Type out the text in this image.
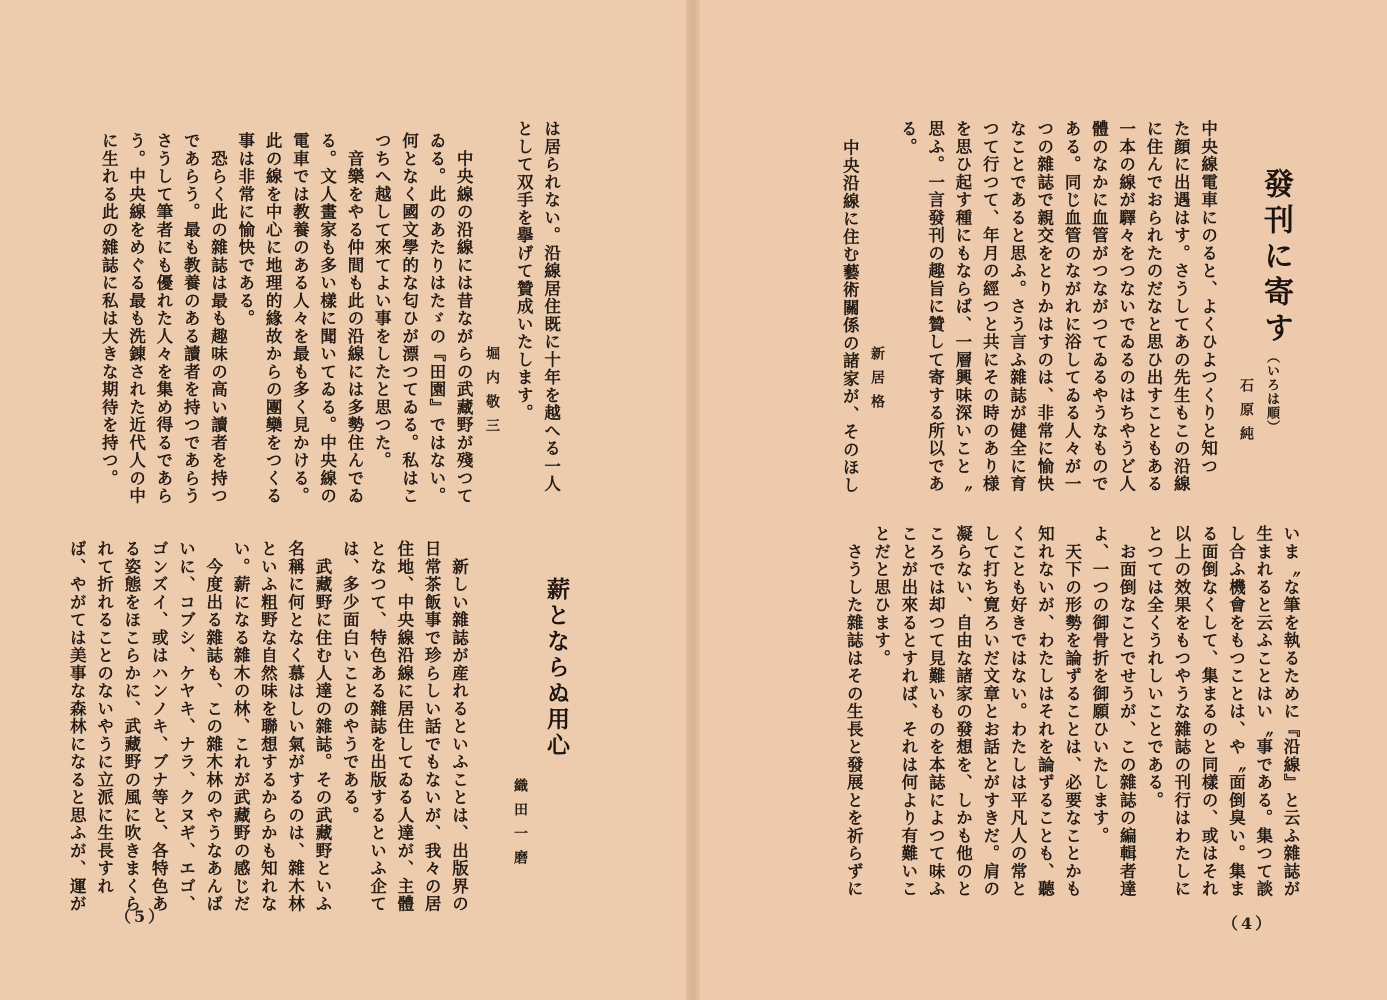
發刊に寄す
（いろは順）
石原純
中央線電車にのると、よくひよつくりと知つ
た顔に出遇はす。さうしてあの先生もこの沿線
に住んでおられたのだなと思ひ出すこともある
一本の線が驛々をつないでゐるのはちやうど人
體のなかに血管がつながつてゐるやうなもので
ある。同じ血管のながれに浴してゐる人々が一
つの雜誌で親交をとりかはすのは、非常に愉快
なことであると思ふ。さう言ふ雜誌が健全に育
つて行つて、年月の經つと共にその時のあり様
を思ひ起す種にもならば、一層興味深いこと〝
思ふ。一言發刊の趣旨に贊して寄する所以であ
る。
新居格
中央沿線に住む藝術關係の諸家が、そのほし
いま〝な筆を執るために『沿線』と云ふ雜誌が
生まれると云ふことはい〝事である。集つて談
し合ふ機會をもつことは、や〝面倒臭い。集ま
る面倒なくして、集まるのと同樣の、或はそれ
以上の效果をもつやうな雜誌の刊行はわたしに
とつては全くうれしいことである。
　お面倒なことでせうが、この雜誌の編輯者達
よ、一つの御骨折を御願ひいたします。
　天下の形勢を論ずることは、必要なことかも
知れないが、わたしはそれを論ずることも、聽
くことも好きではない。わたしは平凡人の常と
して打ち寛ろいだ文章とお話とがすきだ。肩の
凝らない、自由な諸家の發想を、しかも他のと
ころでは却つて見難いものを本誌によつて味ふ
ことが出來るとすれば、それは何より有難いこ
とだと思ひます。
　さうした雜誌はその生長と發展とを祈らずに
（4）
は居られない。沿線居住既に十年を越へる一人
として双手を擧げて贊成いたします。
堀内敬三
　中央線の沿線には昔ながらの武藏野が殘つて
ゐる。此のあたりはたゞの『田園』ではない。
何となく國文學的な匂ひが漂つてゐる。私はこ
つちへ越して來てよい事をしたと思つた。
　音樂をやる仲間も此の沿線には多勢住んでゐ
る。文人畫家も多い樣に聞いてゐる。中央線の
電車では教養のある人々を最も多く見かける。
此の線を中心に地理的緣故からの團欒をつくる
事は非常に愉快である。
　恐らく此の雜誌は最も趣味の高い讀者を持つ
であらう。最も教養のある讀者を持つであらう
さうして筆者にも優れた人々を集め得るであら
う。中央線をめぐる最も洗錬された近代人の中
に生れる此の雜誌に私は大きな期待を持つ。
薪とならぬ用心
織田一磨
　新しい雜誌が産れるといふことは、出版界の
日常茶飯事で珍らしい話でもないが、我々の居
住地、中央線沿線に居住してゐる人達が、主體
となつて、特色ある雜誌を出版するといふ企て
は、多少面白いことのやうである。
　武藏野に住む人達の雜誌。その武藏野といふ
名稱に何となく慕はしい氣がするのは、雜木林
といふ粗野な自然味を聯想するからかも知れな
い。薪になる雜木の林、これが武藏野の感じだ
　今度出る雜誌も、この雜木林のやうなあんば
いに、コブシ、ケヤキ、ナラ、クヌギ、エゴ、
ゴンズイ、或はハンノキ、ブナ等と、各特色あ
る姿態をほこらかに、武藏野の風に吹きまくら
れて折れることのないやうに立派に生長すれ
ば、やがては美事な森林になると思ふが、運が
（5）
